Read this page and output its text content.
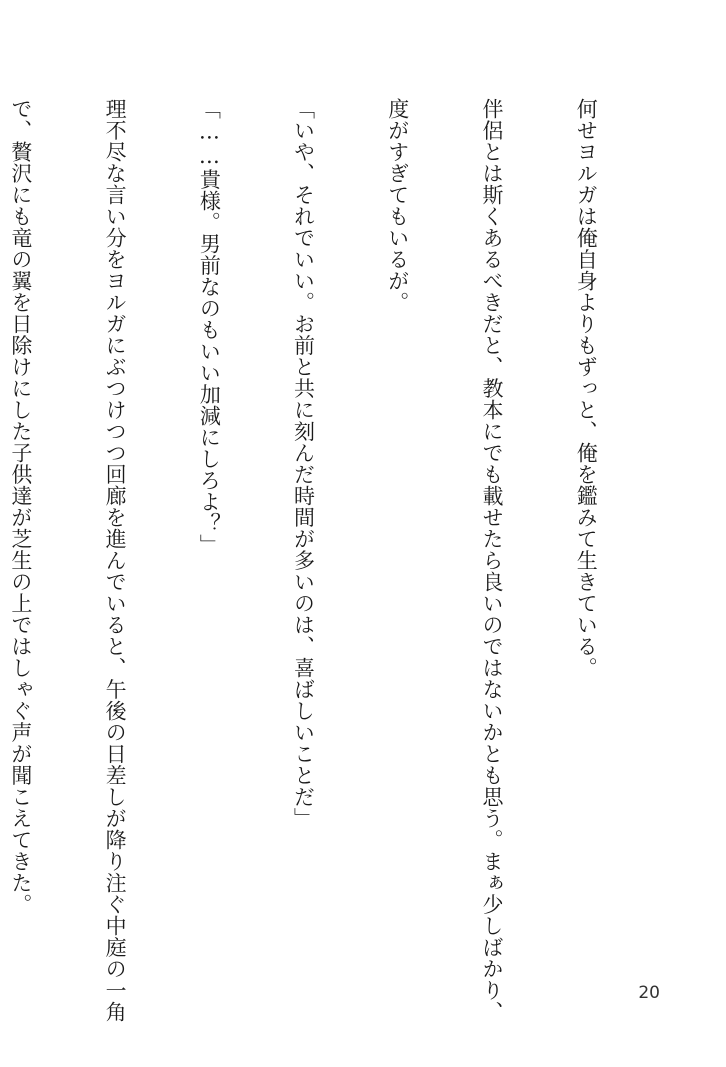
何せヨルガは俺自身よりもずっと、俺を鑑みて生きている。

伴侶とは斯くあるべきだと、教本にでも載せたら良いのではないかとも思う。まぁ少しばかり、

度がすぎてもいるが。

「いや、それでいい。お前と共に刻んだ時間が多いのは、喜ばしいことだ」

「……貴様。男前なのもいい加減にしろよ？」

理不尽な言い分をヨルガにぶつけつつ回廊を進んでいると、午後の日差しが降り注ぐ中庭の一角

で、贅沢にも竜の翼を日除けにした子供達が芝生の上ではしゃぐ声が聞こえてきた。

20
